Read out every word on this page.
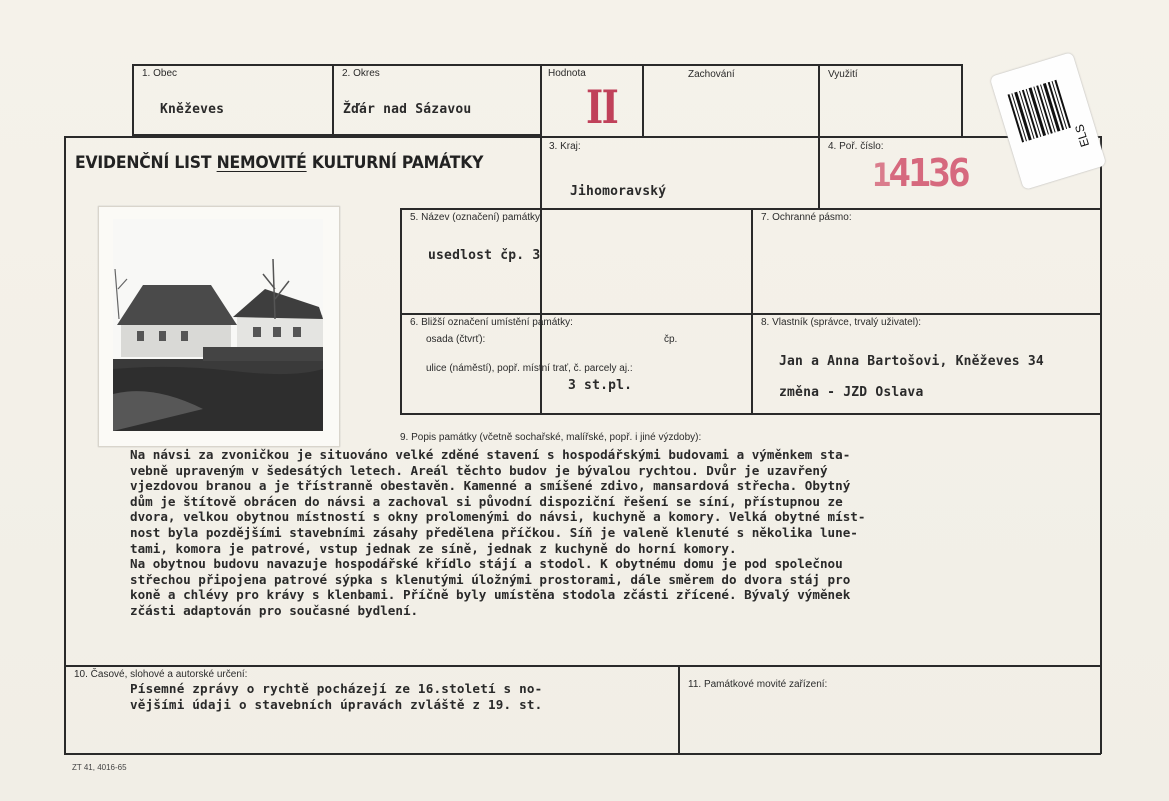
1. Obec
Kněževes
2. Okres
Žďár nad Sázavou
Hodnota
II
Zachování	Využití
EVIDENČNÍ LIST NEMOVITÉ KULTURNÍ PAMÁTKY
3. Kraj:
Jihomoravský
4. Poř. číslo:
14136
ELS
5. Název (označení) památky:
usedlost čp. 3
7. Ochranné pásmo:
6. Bližší označení umístění památky:
osada (čtvrť):	čp.
ulice (náměstí), popř. místní trať, č. parcely aj.:
3 st.pl.
8. Vlastník (správce, trvalý uživatel):
Jan a Anna Bartošovi, Kněževes 34
změna - JZD Oslava
9. Popis památky (včetně sochařské, malířské, popř. i jiné výzdoby):
Na návsi za zvoničkou je situováno velké zděné stavení s hospodářskými budovami a výměnkem sta-
vebně upraveným v šedesátých letech. Areál těchto budov je bývalou rychtou. Dvůr je uzavřený
vjezdovou branou a je třístranně obestavěn. Kamenné a smíšené zdivo, mansardová střecha. Obytný
dům je štítově obrácen do návsi a zachoval si původní dispoziční řešení se síní, přístupnou ze
dvora, velkou obytnou místností s okny prolomenými do návsi, kuchyně a komory. Velká obytné míst-
nost byla pozdějšími stavebními zásahy předělena příčkou. Síň je valeně klenuté s několika lune-
tami, komora je patrové, vstup jednak ze síně, jednak z kuchyně do horní komory.
Na obytnou budovu navazuje hospodářské křídlo stájí a stodol. K obytnému domu je pod společnou
střechou připojena patrové sýpka s klenutými úložnými prostorami, dále směrem do dvora stáj pro
koně a chlévy pro krávy s klenbami. Příčně byly umístěna stodola zčásti zřícené. Bývalý výměnek
zčásti adaptován pro současné bydlení.
10. Časové, slohové a autorské určení:
Písemné zprávy o rychtě pocházejí ze 16.století s no-
vějšími údaji o stavebních úpravách zvláště z 19. st.
11. Památkové movité zařízení:
ZT 41, 4016-65
